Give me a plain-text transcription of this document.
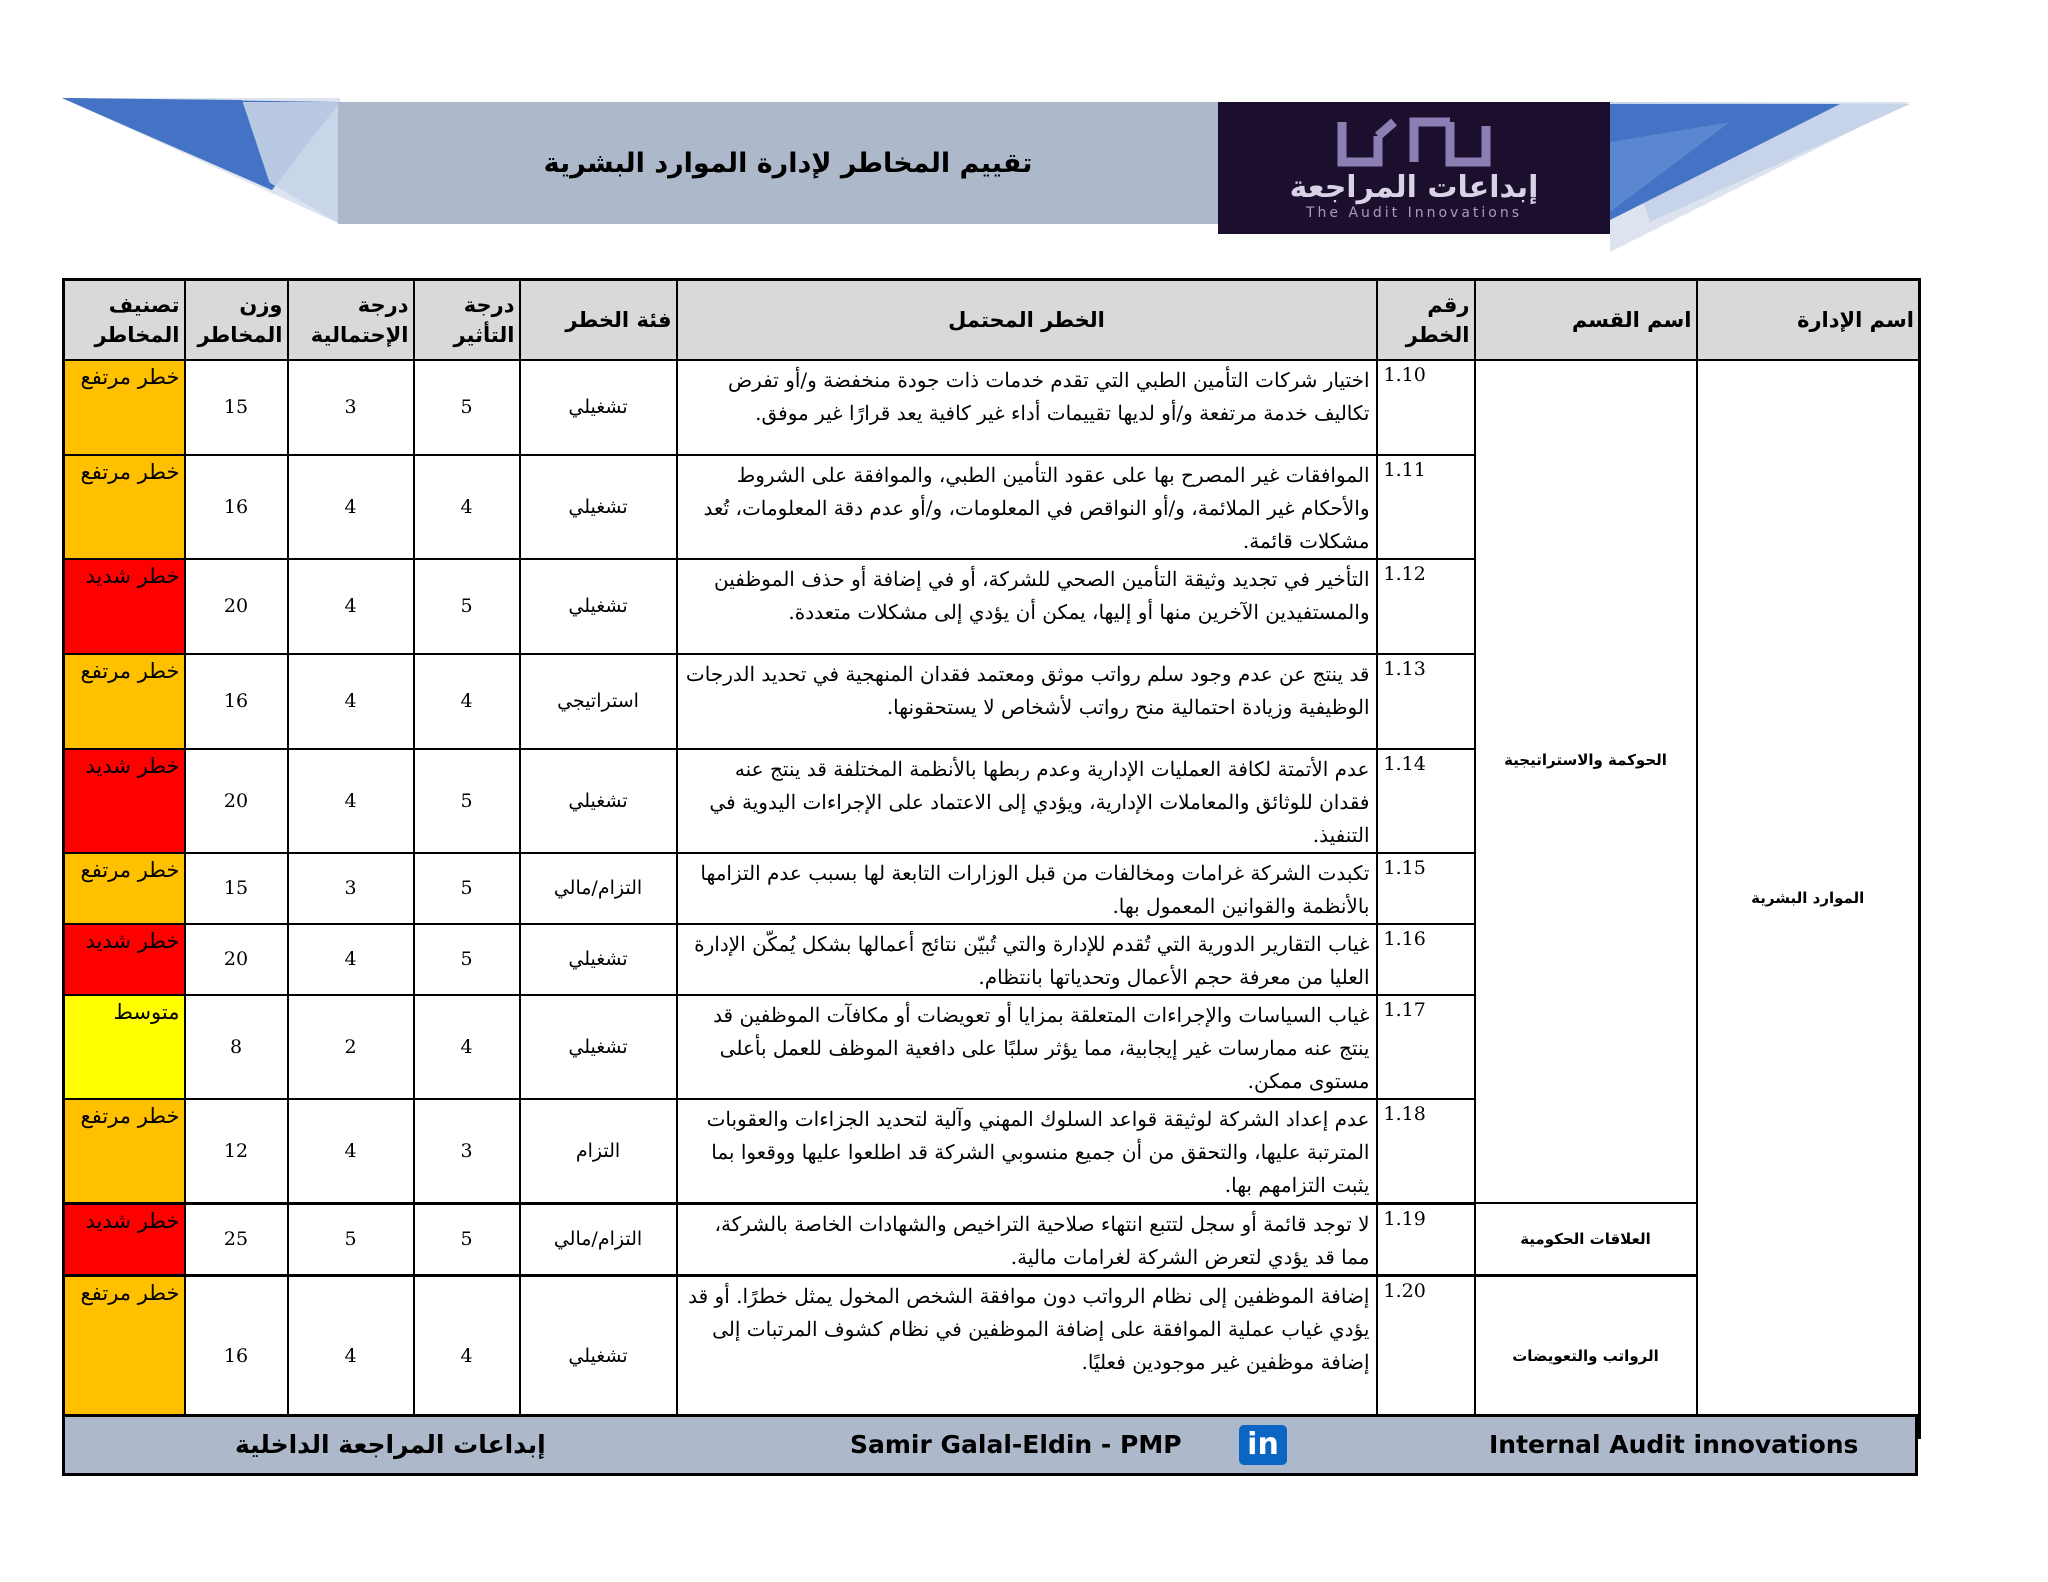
تقييم المخاطر لإدارة الموارد البشرية
إبداعات المراجعة
The Audit Innovations
تصنيف المخاطر	وزن المخاطر	درجة الإحتمالية	درجة التأثير	فئة الخطر	الخطر المحتمل	رقم الخطر	اسم القسم	اسم الإدارة
خطر مرتفع	15	3	5	تشغيلي	اختيار شركات التأمين الطبي التي تقدم خدمات ذات جودة منخفضة و/أو تفرض تكاليف خدمة مرتفعة و/أو لديها تقييمات أداء غير كافية يعد قرارًا غير موفق.	1.10	الحوكمة والاستراتيجية	الموارد البشرية
خطر مرتفع	16	4	4	تشغيلي	الموافقات غير المصرح بها على عقود التأمين الطبي، والموافقة على الشروط والأحكام غير الملائمة، و/أو النواقص في المعلومات، و/أو عدم دقة المعلومات، تُعد مشكلات قائمة.	1.11		
خطر شديد	20	4	5	تشغيلي	التأخير في تجديد وثيقة التأمين الصحي للشركة، أو في إضافة أو حذف الموظفين والمستفيدين الآخرين منها أو إليها، يمكن أن يؤدي إلى مشكلات متعددة.	1.12		
خطر مرتفع	16	4	4	استراتيجي	قد ينتج عن عدم وجود سلم رواتب موثق ومعتمد فقدان المنهجية في تحديد الدرجات الوظيفية وزيادة احتمالية منح رواتب لأشخاص لا يستحقونها.	1.13		
خطر شديد	20	4	5	تشغيلي	عدم الأتمتة لكافة العمليات الإدارية وعدم ربطها بالأنظمة المختلفة قد ينتج عنه فقدان للوثائق والمعاملات الإدارية، ويؤدي إلى الاعتماد على الإجراءات اليدوية في التنفيذ.	1.14		
خطر مرتفع	15	3	5	التزام/مالي	تكبدت الشركة غرامات ومخالفات من قبل الوزارات التابعة لها بسبب عدم التزامها بالأنظمة والقوانين المعمول بها.	1.15		
خطر شديد	20	4	5	تشغيلي	غياب التقارير الدورية التي تُقدم للإدارة والتي تُبيّن نتائج أعمالها بشكل يُمكّن الإدارة العليا من معرفة حجم الأعمال وتحدياتها بانتظام.	1.16		
متوسط	8	2	4	تشغيلي	غياب السياسات والإجراءات المتعلقة بمزايا أو تعويضات أو مكافآت الموظفين قد ينتج عنه ممارسات غير إيجابية، مما يؤثر سلبًا على دافعية الموظف للعمل بأعلى مستوى ممكن.	1.17		
خطر مرتفع	12	4	3	التزام	عدم إعداد الشركة لوثيقة قواعد السلوك المهني وآلية لتحديد الجزاءات والعقوبات المترتبة عليها، والتحقق من أن جميع منسوبي الشركة قد اطلعوا عليها ووقعوا بما يثبت التزامهم بها.	1.18		
خطر شديد	25	5	5	التزام/مالي	لا توجد قائمة أو سجل لتتبع انتهاء صلاحية التراخيص والشهادات الخاصة بالشركة، مما قد يؤدي لتعرض الشركة لغرامات مالية.	1.19	العلاقات الحكومية	
خطر مرتفع	16	4	4	تشغيلي	إضافة الموظفين إلى نظام الرواتب دون موافقة الشخص المخول يمثل خطرًا. أو قد يؤدي غياب عملية الموافقة على إضافة الموظفين في نظام كشوف المرتبات إلى إضافة موظفين غير موجودين فعليًا.	1.20	الرواتب والتعويضات	
إبداعات المراجعة الداخلية	Samir Galal-Eldin - PMP in	Internal Audit innovations
